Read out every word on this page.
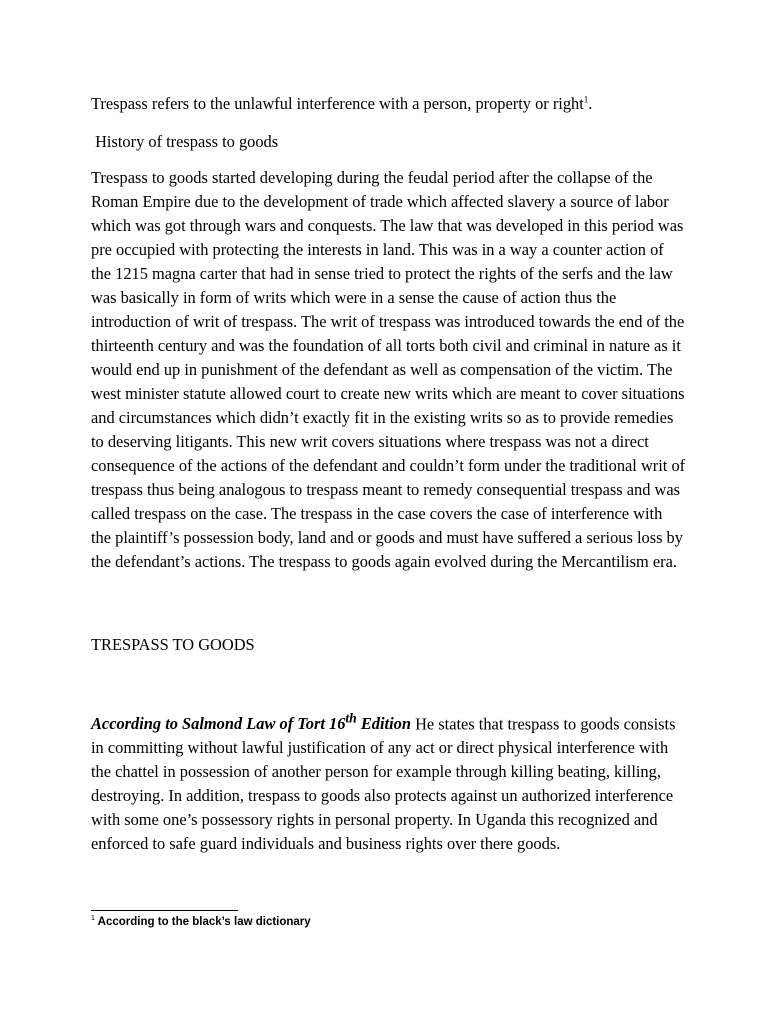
Trespass refers to the unlawful interference with a person, property or right$^1$.

History of trespass to goods

Trespass to goods started developing during the feudal period after the collapse of the Roman Empire due to the development of trade which affected slavery a source of labor which was got through wars and conquests. The law that was developed in this period was pre occupied with protecting the interests in land. This was in a way a counter action of the 1215 magna carter that had in sense tried to protect the rights of the serfs and the law was basically in form of writs which were in a sense the cause of action thus the introduction of writ of trespass. The writ of trespass was introduced towards the end of the thirteenth century and was the foundation of all torts both civil and criminal in nature as it would end up in punishment of the defendant as well as compensation of the victim. The west minister statute allowed court to create new writs which are meant to cover situations and circumstances which didn’t exactly fit in the existing writs so as to provide remedies to deserving litigants. This new writ covers situations where trespass was not a direct consequence of the actions of the defendant and couldn’t form under the traditional writ of trespass thus being analogous to trespass meant to remedy consequential trespass and was called trespass on the case. The trespass in the case covers the case of interference with the plaintiff’s possession body, land and or goods and must have suffered a serious loss by the defendant’s actions. The trespass to goods again evolved during the Mercantilism era.

TRESPASS TO GOODS

According to Salmond Law of Tort 16th Edition He states that trespass to goods consists in committing without lawful justification of any act or direct physical interference with the chattel in possession of another person for example through killing beating, killing, destroying. In addition, trespass to goods also protects against un authorized interference with some one’s possessory rights in personal property. In Uganda this recognized and enforced to safe guard individuals and business rights over there goods.

$^1$ According to the black’s law dictionary
